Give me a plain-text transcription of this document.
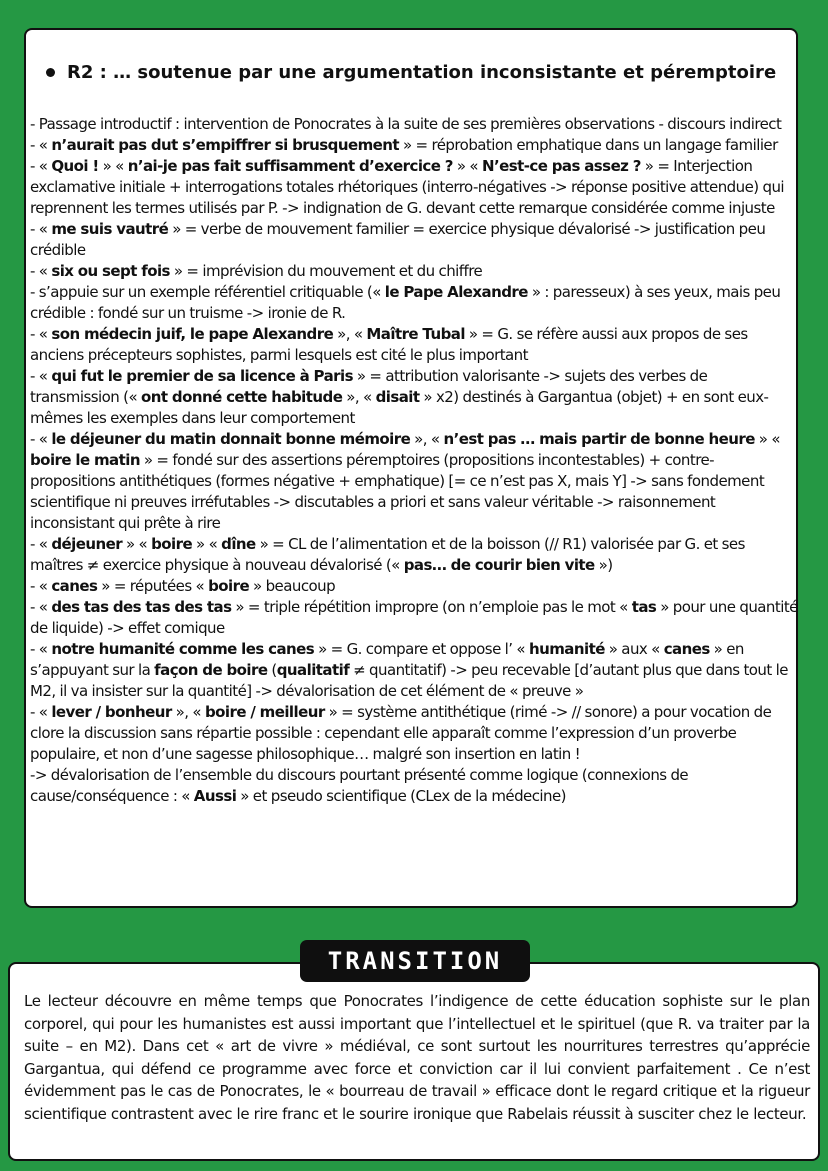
R2 : … soutenue par une argumentation inconsistante et péremptoire

- Passage introductif : intervention de Ponocrates à la suite de ses premières observations - discours indirect

- « n’aurait pas dut s’empiffrer si brusquement » = réprobation emphatique dans un langage familier

- « Quoi ! » « n’ai-je pas fait suffisamment d’exercice ? » « N’est-ce pas assez ? » = Interjection exclamative initiale + interrogations totales rhétoriques (interro-négatives -> réponse positive attendue) qui reprennent les termes utilisés par P. -> indignation de G. devant cette remarque considérée comme injuste

- « me suis vautré » = verbe de mouvement familier = exercice physique dévalorisé -> justification peu crédible

- « six ou sept fois » = imprévision du mouvement et du chiffre

- s’appuie sur un exemple référentiel critiquable (« le Pape Alexandre » : paresseux) à ses yeux, mais peu crédible : fondé sur un truisme -> ironie de R.

- « son médecin juif, le pape Alexandre », « Maître Tubal » = G. se réfère aussi aux propos de ses anciens précepteurs sophistes, parmi lesquels est cité le plus important

- « qui fut le premier de sa licence à Paris » = attribution valorisante -> sujets des verbes de transmission (« ont donné cette habitude », « disait » x2) destinés à Gargantua (objet) + en sont eux-mêmes les exemples dans leur comportement

- « le déjeuner du matin donnait bonne mémoire », « n’est pas … mais partir de bonne heure » « boire le matin » = fondé sur des assertions péremptoires (propositions incontestables) + contre-propositions antithétiques (formes négative + emphatique) [= ce n’est pas X, mais Y] -> sans fondement scientifique ni preuves irréfutables -> discutables a priori et sans valeur véritable -> raisonnement inconsistant qui prête à rire

- « déjeuner » « boire » « dîne » = CL de l’alimentation et de la boisson (// R1) valorisée par G. et ses maîtres ≠ exercice physique à nouveau dévalorisé (« pas… de courir bien vite »)

- « canes » = réputées « boire » beaucoup

- « des tas des tas des tas » = triple répétition impropre (on n’emploie pas le mot « tas » pour une quantité de liquide) -> effet comique

- « notre humanité comme les canes » = G. compare et oppose l’ « humanité » aux « canes » en s’appuyant sur la façon de boire (qualitatif ≠ quantitatif) -> peu recevable [d’autant plus que dans tout le M2, il va insister sur la quantité] -> dévalorisation de cet élément de « preuve »

- « lever / bonheur », « boire / meilleur » = système antithétique (rimé -> // sonore) a pour vocation de clore la discussion sans répartie possible : cependant elle apparaît comme l’expression d’un proverbe populaire, et non d’une sagesse philosophique… malgré son insertion en latin !

-> dévalorisation de l’ensemble du discours pourtant présenté comme logique (connexions de cause/conséquence : « Aussi » et pseudo scientifique (CLex de la médecine)

TRANSITION

Le lecteur découvre en même temps que Ponocrates l’indigence de cette éducation sophiste sur le plan corporel, qui pour les humanistes est aussi important que l’intellectuel et le spirituel (que R. va traiter par la suite – en M2). Dans cet « art de vivre » médiéval, ce sont surtout les nourritures terrestres qu’apprécie Gargantua, qui défend ce programme avec force et conviction car il lui convient parfaitement . Ce n’est évidemment pas le cas de Ponocrates, le « bourreau de travail » efficace dont le regard critique et la rigueur scientifique contrastent avec le rire franc et le sourire ironique que Rabelais réussit à susciter chez le lecteur.
